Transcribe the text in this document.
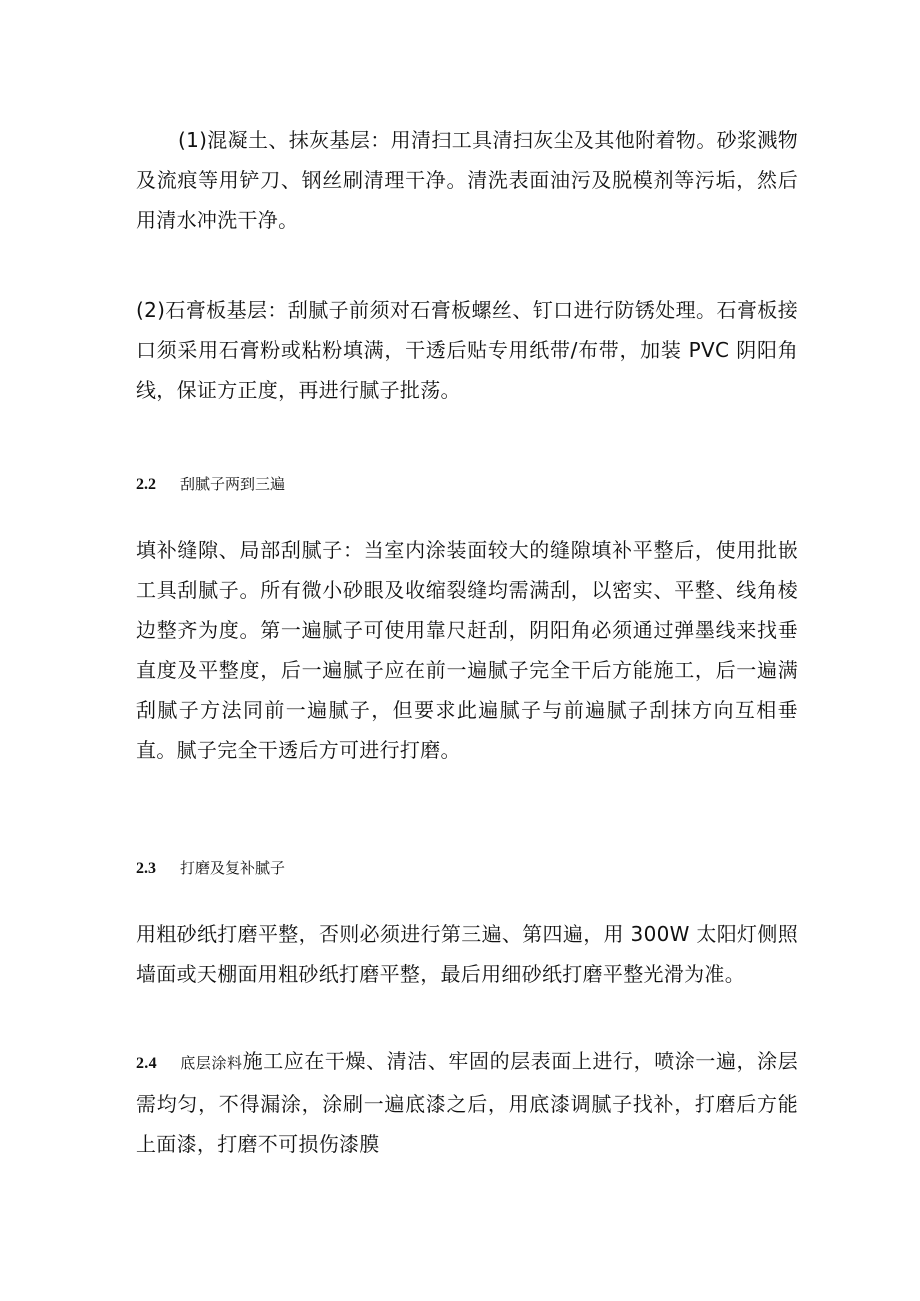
(1)混凝土、抹灰基层：用清扫工具清扫灰尘及其他附着物。砂浆溅物及流痕等用铲刀、钢丝刷清理干净。清洗表面油污及脱模剂等污垢，然后用清水冲洗干净。

(2)石膏板基层：刮腻子前须对石膏板螺丝、钉口进行防锈处理。石膏板接口须采用石膏粉或粘粉填满，干透后贴专用纸带/布带，加装 PVC 阴阳角线，保证方正度，再进行腻子批荡。

2.2 刮腻子两到三遍

填补缝隙、局部刮腻子：当室内涂装面较大的缝隙填补平整后，使用批嵌工具刮腻子。所有微小砂眼及收缩裂缝均需满刮，以密实、平整、线角棱边整齐为度。第一遍腻子可使用靠尺赶刮，阴阳角必须通过弹墨线来找垂直度及平整度，后一遍腻子应在前一遍腻子完全干后方能施工，后一遍满刮腻子方法同前一遍腻子，但要求此遍腻子与前遍腻子刮抹方向互相垂直。腻子完全干透后方可进行打磨。

2.3 打磨及复补腻子

用粗砂纸打磨平整，否则必须进行第三遍、第四遍，用 300W 太阳灯侧照墙面或天棚面用粗砂纸打磨平整，最后用细砂纸打磨平整光滑为准。

2.4 底层涂料施工应在干燥、清洁、牢固的层表面上进行，喷涂一遍，涂层需均匀，不得漏涂，涂刷一遍底漆之后，用底漆调腻子找补，打磨后方能上面漆，打磨不可损伤漆膜
